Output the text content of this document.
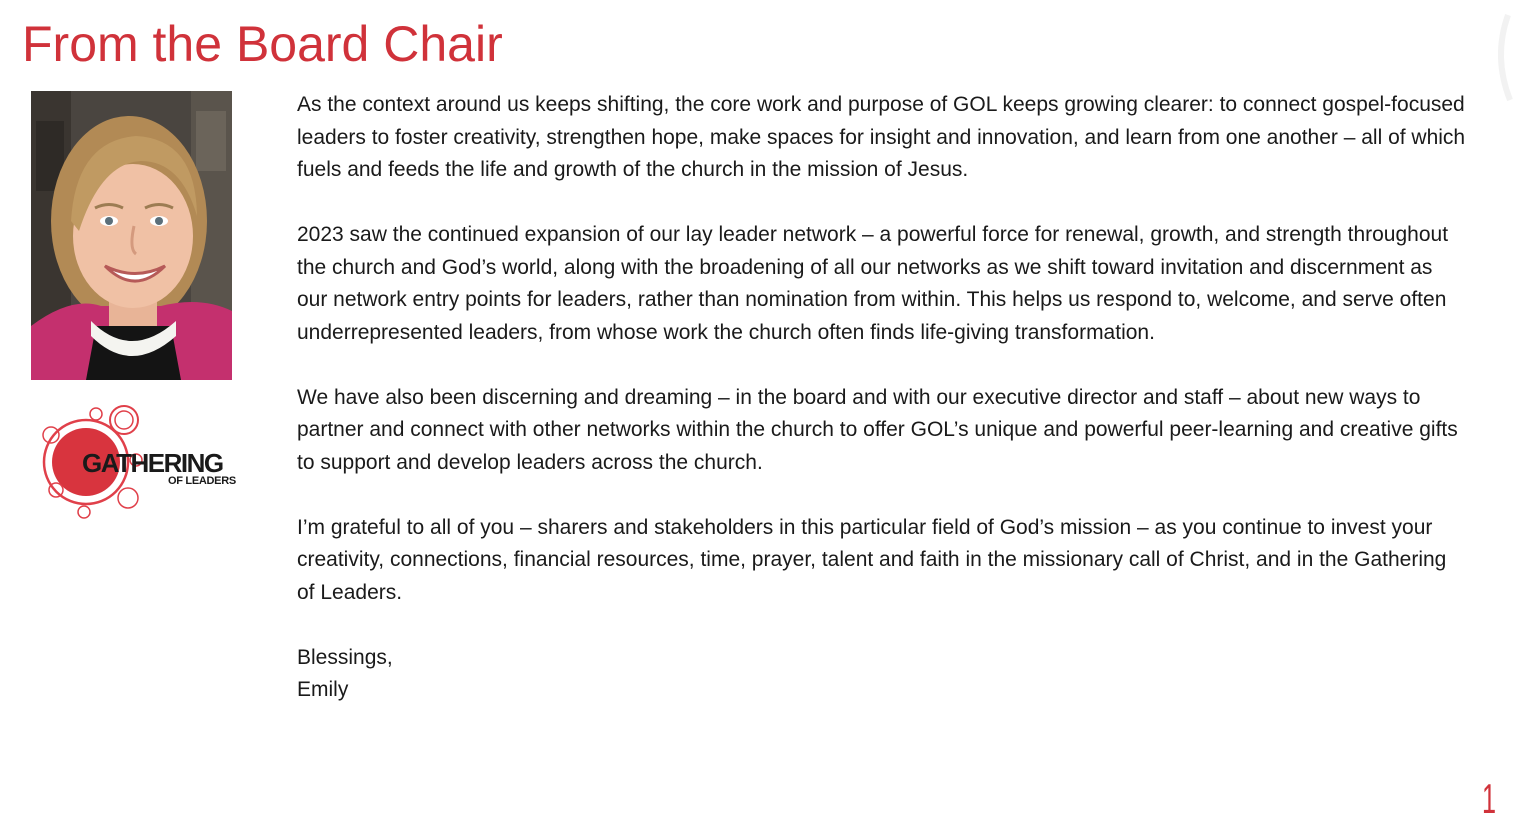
From the Board Chair
GATHERING
OF LEADERS

As the context around us keeps shifting, the core work and purpose of GOL keeps growing clearer: to connect gospel-focused leaders to foster creativity, strengthen hope, make spaces for insight and innovation, and learn from one another – all of which fuels and feeds the life and growth of the church in the mission of Jesus.

2023 saw the continued expansion of our lay leader network – a powerful force for renewal, growth, and strength throughout the church and God’s world, along with the broadening of all our networks as we shift toward invitation and discernment as our network entry points for leaders, rather than nomination from within. This helps us respond to, welcome, and serve often underrepresented leaders, from whose work the church often finds life-giving transformation.

We have also been discerning and dreaming – in the board and with our executive director and staff – about new ways to partner and connect with other networks within the church to offer GOL’s unique and powerful peer-learning and creative gifts to support and develop leaders across the church.

I’m grateful to all of you – sharers and stakeholders in this particular field of God’s mission – as you continue to invest your creativity, connections, financial resources, time, prayer, talent and faith in the missionary call of Christ, and in the Gathering of Leaders.

Blessings,

Emily

1
